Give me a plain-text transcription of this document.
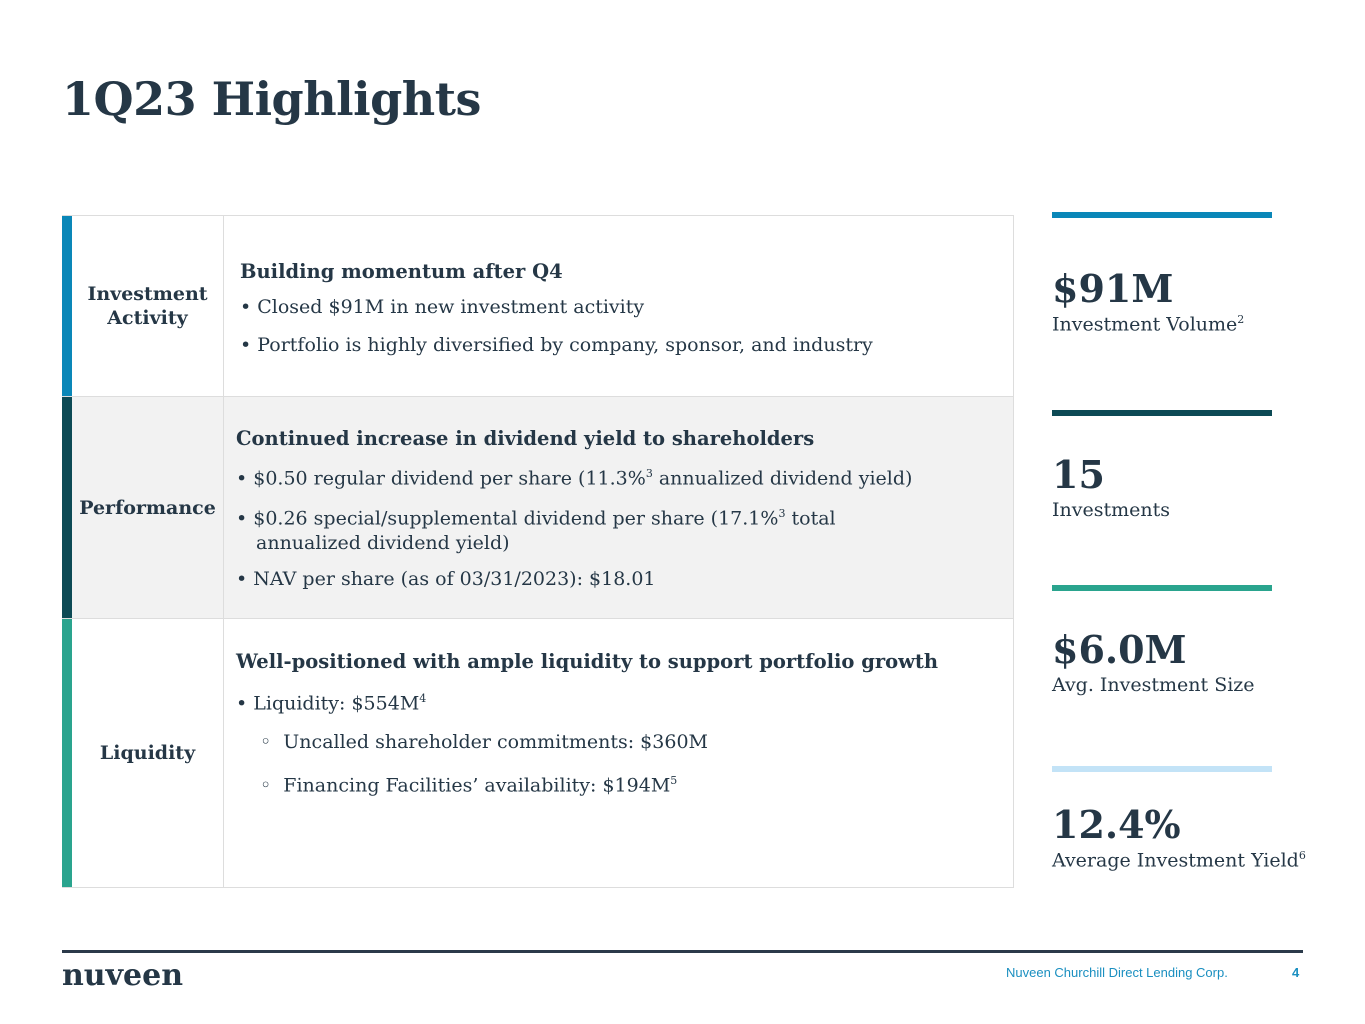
1Q23 Highlights
Investment Activity
Building momentum after Q4
• Closed $91M in new investment activity
• Portfolio is highly diversified by company, sponsor, and industry
Performance
Continued increase in dividend yield to shareholders
• $0.50 regular dividend per share (11.3%$^3$ annualized dividend yield)
• $0.26 special/supplemental dividend per share (17.1%$^3$ total annualized dividend yield)
• NAV per share (as of 03/31/2023): $18.01
Liquidity
Well-positioned with ample liquidity to support portfolio growth
• Liquidity: $\$554M^4$
◦  Uncalled shareholder commitments: $360M
◦  Financing Facilities’ availability: $\$194M^5$
$91M
Investment Volume$^2$
15
Investments
$6.0M
Avg. Investment Size
12.4%
Average Investment Yield$^6$
nuveen	Nuveen Churchill Direct Lending Corp.	4
